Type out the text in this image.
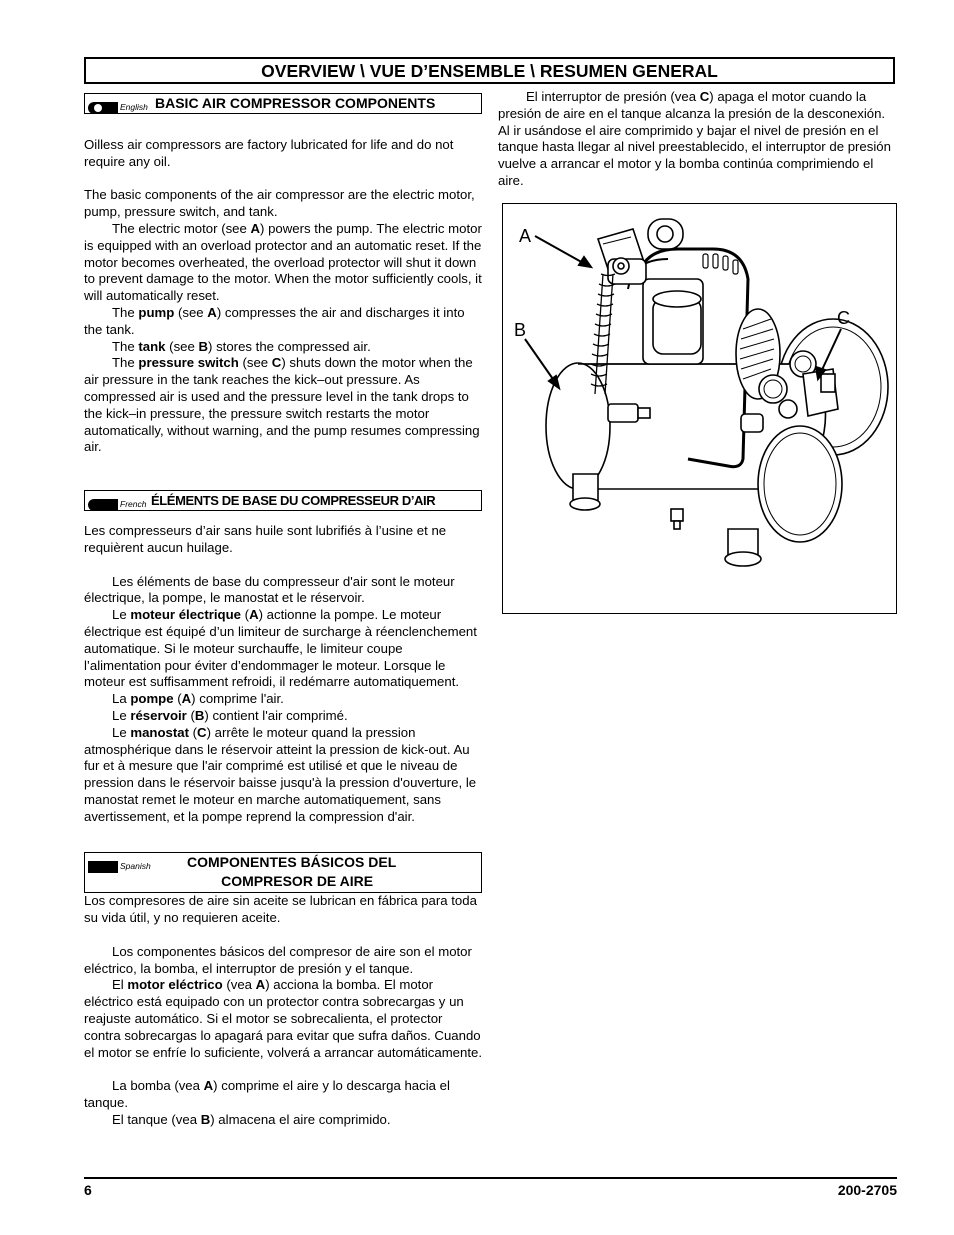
OVERVIEW \ VUE D’ENSEMBLE \ RESUMEN GENERAL
English BASIC AIR COMPRESSOR COMPONENTS

Oilless air compressors are factory lubricated for life and do not require any oil.

The basic components of the air compressor are the electric motor, pump, pressure switch, and tank.

The electric motor (see A) powers the pump. The electric motor is equipped with an overload protector and an automatic reset. If the motor becomes overheated, the overload protector will shut it down to prevent damage to the motor. When the motor sufficiently cools, it will automatically reset.

The pump (see A) compresses the air and discharges it into the tank.

The tank (see B) stores the compressed air.

The pressure switch (see C) shuts down the motor when the air pressure in the tank reaches the kick–out pressure. As compressed air is used and the pressure level in the tank drops to the kick–in pressure, the pressure switch restarts the motor automatically, without warning, and the pump resumes compressing air.

French ÉLÉMENTS DE BASE DU COMPRESSEUR D’AIR

Les compresseurs d’air sans huile sont lubrifiés à l’usine et ne requièrent aucun huilage.

Les éléments de base du compresseur d'air sont le moteur électrique, la pompe, le manostat et le réservoir.

Le moteur électrique (A) actionne la pompe. Le moteur électrique est équipé d’un limiteur de surcharge à réenclenchement automatique. Si le moteur surchauffe, le limiteur coupe l’alimentation pour éviter d’endommager le moteur. Lorsque le moteur est suffisamment refroidi, il redémarre automatiquement.

La pompe (A) comprime l'air.

Le réservoir (B) contient l'air comprimé.

Le manostat (C) arrête le moteur quand la pression atmosphérique dans le réservoir atteint la pression de kick-out. Au fur et à mesure que l'air comprimé est utilisé et que le niveau de pression dans le réservoir baisse jusqu'à la pression d'ouverture, le manostat remet le moteur en marche automatiquement, sans avertissement, et la pompe reprend la compression d'air.

Spanish	COMPONENTES BÁSICOS DEL
COMPRESOR DE AIRE

Los compresores de aire sin aceite se lubrican en fábrica para toda su vida útil, y no requieren aceite.

Los componentes básicos del compresor de aire son el motor eléctrico, la bomba, el interruptor de presión y el tanque.

El motor eléctrico (vea A) acciona la bomba. El motor eléctrico está equipado con un protector contra sobrecargas y un reajuste automático. Si el motor se sobrecalienta, el protector contra sobrecargas lo apagará para evitar que sufra daños. Cuando el motor se enfríe lo suficiente, volverá a arrancar automáticamente.

La bomba (vea A) comprime el aire y lo descarga hacia el tanque.

El tanque (vea B) almacena el aire comprimido.

El interruptor de presión (vea C) apaga el motor cuando la presión de aire en el tanque alcanza la presión de la desconexión. Al ir usándose el aire comprimido y bajar el nivel de presión en el tanque hasta llegar al nivel preestablecido, el interruptor de presión vuelve a arrancar el motor y la bomba continúa comprimiendo el aire.

A
B
C
6	200-2705
